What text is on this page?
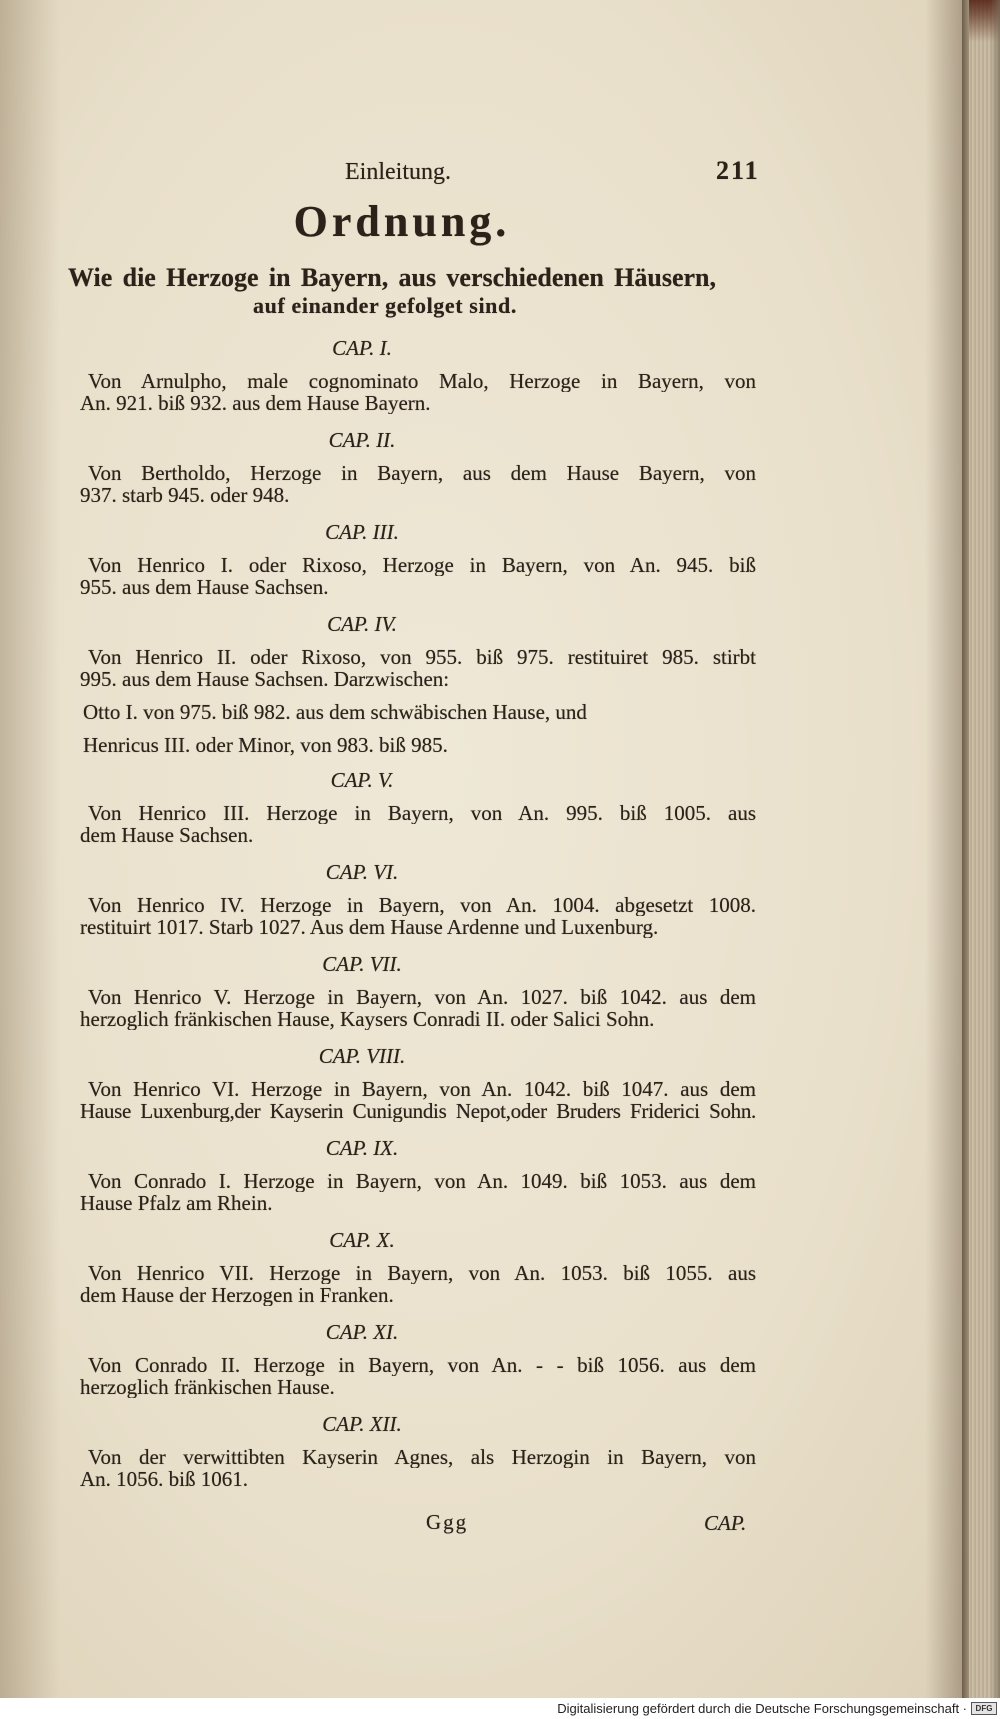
Einleitung.	211
Ordnung.
Wie die Herzoge in Bayern, aus verschiedenen Häusern,
auf einander gefolget sind.
CAP. I.
Von Arnulpho, male cognominato Malo, Herzoge in Bayern, von
An. 921. biß 932. aus dem Hause Bayern.
CAP. II.
Von Bertholdo, Herzoge in Bayern, aus dem Hause Bayern, von
937. starb 945. oder 948.
CAP. III.
Von Henrico I. oder Rixoso, Herzoge in Bayern, von An. 945. biß
955. aus dem Hause Sachsen.
CAP. IV.
Von Henrico II. oder Rixoso, von 955. biß 975. restituiret 985. stirbt
995. aus dem Hause Sachsen. Darzwischen:
Otto I. von 975. biß 982. aus dem schwäbischen Hause, und
Henricus III. oder Minor, von 983. biß 985.
CAP. V.
Von Henrico III. Herzoge in Bayern, von An. 995. biß 1005. aus
dem Hause Sachsen.
CAP. VI.
Von Henrico IV. Herzoge in Bayern, von An. 1004. abgesetzt 1008.
restituirt 1017. Starb 1027. Aus dem Hause Ardenne und Luxenburg.
CAP. VII.
Von Henrico V. Herzoge in Bayern, von An. 1027. biß 1042. aus dem
herzoglich fränkischen Hause, Kaysers Conradi II. oder Salici Sohn.
CAP. VIII.
Von Henrico VI. Herzoge in Bayern, von An. 1042. biß 1047. aus dem
Hause Luxenburg,der Kayserin Cunigundis Nepot,oder Bruders Friderici Sohn.
CAP. IX.
Von Conrado I. Herzoge in Bayern, von An. 1049. biß 1053. aus dem
Hause Pfalz am Rhein.
CAP. X.
Von Henrico VII. Herzoge in Bayern, von An. 1053. biß 1055. aus
dem Hause der Herzogen in Franken.
CAP. XI.
Von Conrado II. Herzoge in Bayern, von An. - - biß 1056. aus dem
herzoglich fränkischen Hause.
CAP. XII.
Von der verwittibten Kayserin Agnes, als Herzogin in Bayern, von
An. 1056. biß 1061.
Ggg	CAP.
Digitalisierung gefördert durch die Deutsche Forschungsgemeinschaft ·	DFG
